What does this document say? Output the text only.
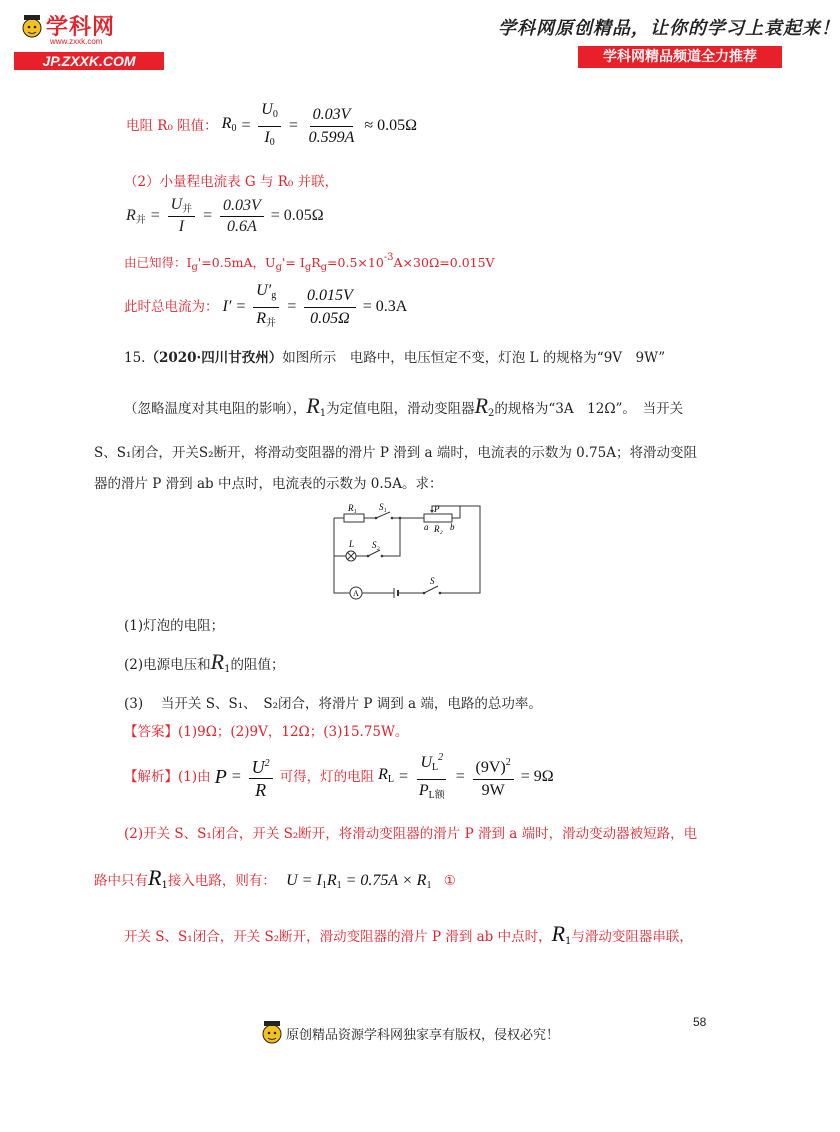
学科网
www.zxxk.com
JP.ZXXK.COM
学科网原创精品，让你的学习上袁起来！
学科网精品频道全力推荐
电阻 R₀ 阻值： $R_0 = \frac{U_0}{I_0} = \frac{0.03V}{0.599A} \approx 0.05\Omega$
（2）小量程电流表 G 与 R₀ 并联，
$R_并 = \frac{U_并}{I} = \frac{0.03V}{0.6A} = 0.05\Omega$
由已知得：$I_g'=0.5mA$，$U_g'= I_gR_g=0.5\times 10^{-3}A\times 30\Omega=0.015V$
此时总电流为： $I' = \frac{U'_g}{R_并} = \frac{0.015V}{0.05\Omega} = 0.3A$
15.（2020·四川甘孜州）如图所示　电路中，电压恒定不变，灯泡 L 的规格为“9V　9W”
（忽略温度对其电阻的影响），$R_1$为定值电阻，滑动变阻器$R_2$的规格为“3A　12Ω”。　当开关
S、S₁闭合，开关S₂断开，将滑动变阻器的滑片 P 滑到 a 端时，电流表的示数为 0.75A；将滑动变阻
器的滑片 P 滑到 ab 中点时，电流表的示数为 0.5A。求：
R₁ S₁	P
a R₂ b
L S₂
A
S
(1)灯泡的电阻；
(2)电源电压和$R_1$的阻值；
(3)　 当开关 S、S₁、　S₂闭合，将滑片 P 调到 a 端，电路的总功率。
【答案】(1)9Ω；(2)9V，12Ω；(3)15.75W。
【解析】(1)由 $P = \frac{U^2}{R}$ 可得，灯的电阻 $R_L = \frac{U_L^2}{P_{L额}} = \frac{(9V)^2}{9W} = 9\Omega$
(2)开关 S、S₁闭合，开关 S₂断开，将滑动变阻器的滑片 P 滑到 a 端时，滑动变动器被短路，电
路中只有$R_1$接入电路，则有： $U = I_1R_1 = 0.75A \times R_1$ ①
开关 S、S₁闭合，开关 S₂断开，滑动变阻器的滑片 P 滑到 ab 中点时，$R_1$与滑动变阻器串联，
58
原创精品资源学科网独家享有版权，侵权必究！
